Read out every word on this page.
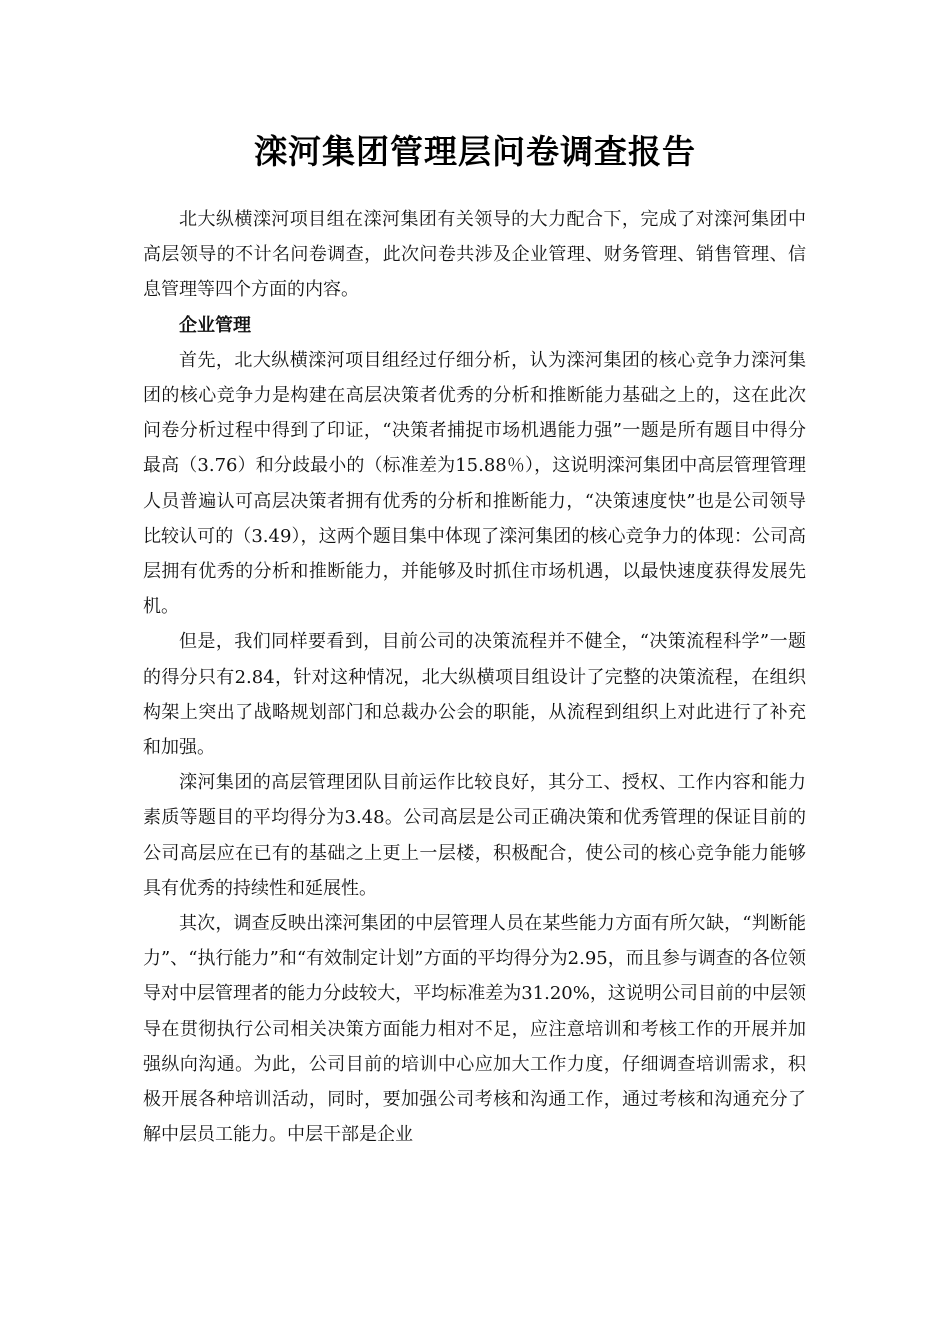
滦河集团管理层问卷调查报告

北大纵横滦河项目组在滦河集团有关领导的大力配合下，完成了对滦河集团中高层领导的不计名问卷调查，此次问卷共涉及企业管理、财务管理、销售管理、信息管理等四个方面的内容。

企业管理

首先，北大纵横滦河项目组经过仔细分析，认为滦河集团的核心竞争力滦河集团的核心竞争力是构建在高层决策者优秀的分析和推断能力基础之上的，这在此次问卷分析过程中得到了印证，“决策者捕捉市场机遇能力强”一题是所有题目中得分最高（3.76）和分歧最小的（标准差为15.88％），这说明滦河集团中高层管理管理人员普遍认可高层决策者拥有优秀的分析和推断能力，“决策速度快”也是公司领导比较认可的（3.49），这两个题目集中体现了滦河集团的核心竞争力的体现：公司高层拥有优秀的分析和推断能力，并能够及时抓住市场机遇，以最快速度获得发展先机。

但是，我们同样要看到，目前公司的决策流程并不健全，“决策流程科学”一题的得分只有2.84，针对这种情况，北大纵横项目组设计了完整的决策流程，在组织构架上突出了战略规划部门和总裁办公会的职能，从流程到组织上对此进行了补充和加强。

滦河集团的高层管理团队目前运作比较良好，其分工、授权、工作内容和能力素质等题目的平均得分为3.48。公司高层是公司正确决策和优秀管理的保证目前的公司高层应在已有的基础之上更上一层楼，积极配合，使公司的核心竞争能力能够具有优秀的持续性和延展性。

其次，调查反映出滦河集团的中层管理人员在某些能力方面有所欠缺，“判断能力”、“执行能力”和“有效制定计划”方面的平均得分为2.95，而且参与调查的各位领导对中层管理者的能力分歧较大，平均标准差为31.20%，这说明公司目前的中层领导在贯彻执行公司相关决策方面能力相对不足，应注意培训和考核工作的开展并加强纵向沟通。为此，公司目前的培训中心应加大工作力度，仔细调查培训需求，积极开展各种培训活动，同时，要加强公司考核和沟通工作，通过考核和沟通充分了解中层员工能力。中层干部是企业
